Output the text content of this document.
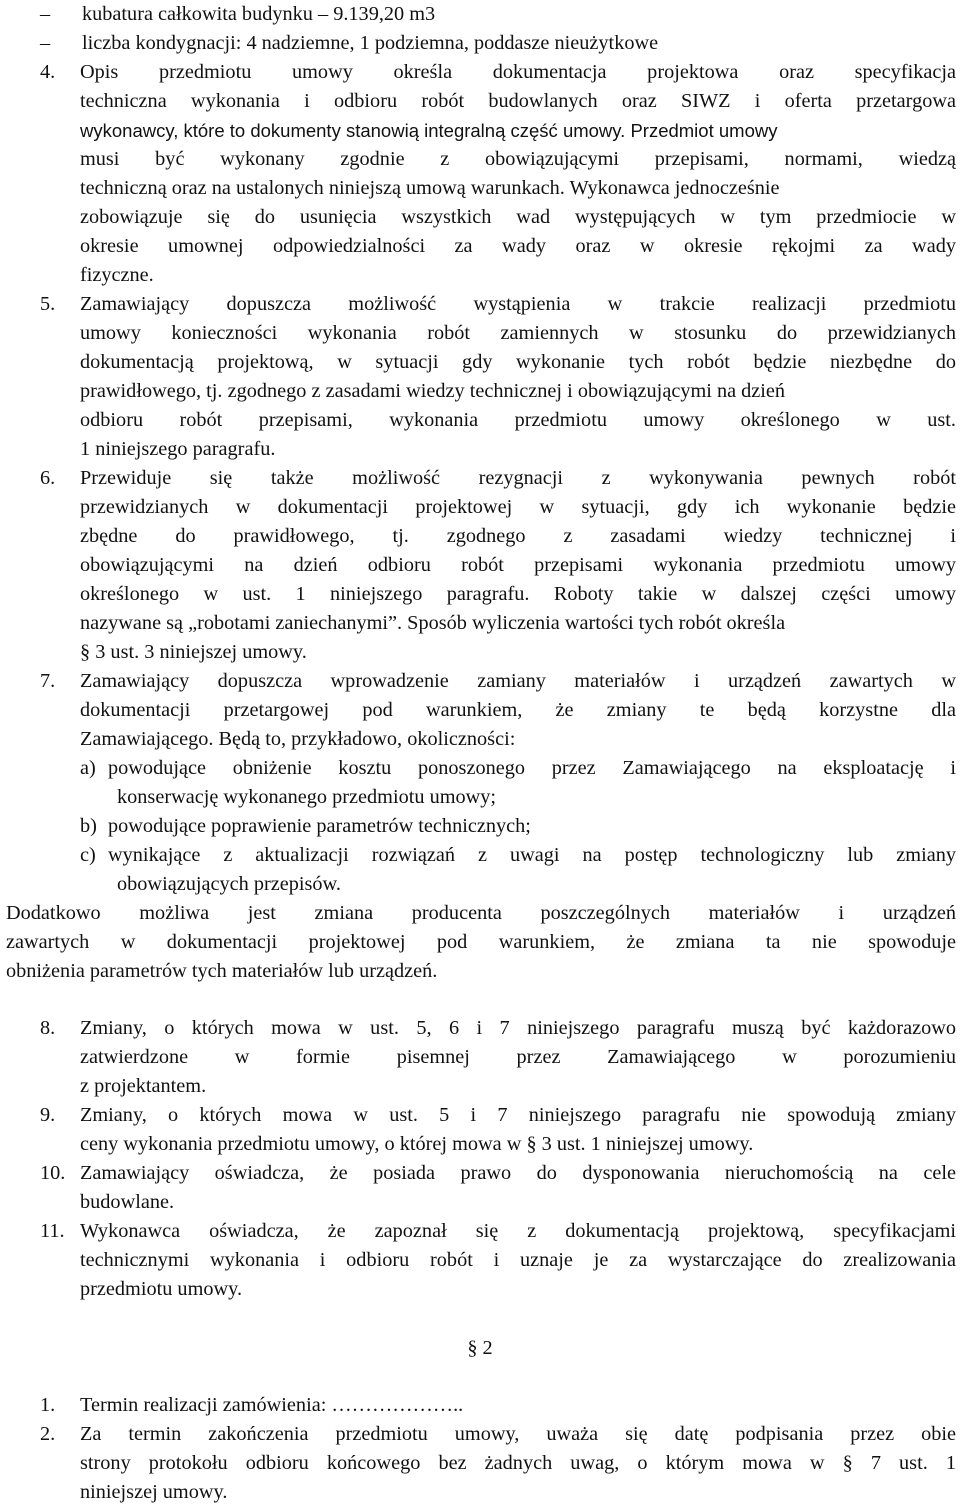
– kubatura całkowita budynku – 9.139,20 m3
– liczba kondygnacji: 4 nadziemne, 1 podziemna, poddasze nieużytkowe
4. Opis przedmiotu umowy określa dokumentacja projektowa oraz specyfikacja
techniczna wykonania i odbioru robót budowlanych oraz SIWZ i oferta przetargowa
wykonawcy, które to dokumenty stanowią integralną część umowy. Przedmiot umowy
musi być wykonany zgodnie z obowiązującymi przepisami, normami, wiedzą
techniczną oraz na ustalonych niniejszą umową warunkach. Wykonawca jednocześnie
zobowiązuje się do usunięcia wszystkich wad występujących w tym przedmiocie w
okresie umownej odpowiedzialności za wady oraz w okresie rękojmi za wady
fizyczne.
5. Zamawiający dopuszcza możliwość wystąpienia w trakcie realizacji przedmiotu
umowy konieczności wykonania robót zamiennych w stosunku do przewidzianych
dokumentacją projektową, w sytuacji gdy wykonanie tych robót będzie niezbędne do
prawidłowego, tj. zgodnego z zasadami wiedzy technicznej i obowiązującymi na dzień
odbioru robót przepisami, wykonania przedmiotu umowy określonego w ust.
1 niniejszego paragrafu.
6. Przewiduje się także możliwość rezygnacji z wykonywania pewnych robót
przewidzianych w dokumentacji projektowej w sytuacji, gdy ich wykonanie będzie
zbędne do prawidłowego, tj. zgodnego z zasadami wiedzy technicznej i
obowiązującymi na dzień odbioru robót przepisami wykonania przedmiotu umowy
określonego w ust. 1 niniejszego paragrafu. Roboty takie w dalszej części umowy
nazywane są „robotami zaniechanymi”. Sposób wyliczenia wartości tych robót określa
§ 3 ust. 3 niniejszej umowy.
7. Zamawiający dopuszcza wprowadzenie zamiany materiałów i urządzeń zawartych w
dokumentacji przetargowej pod warunkiem, że zmiany te będą korzystne dla
Zamawiającego. Będą to, przykładowo, okoliczności:
a) powodujące obniżenie kosztu ponoszonego przez Zamawiającego na eksploatację i
konserwację wykonanego przedmiotu umowy;
b) powodujące poprawienie parametrów technicznych;
c) wynikające z aktualizacji rozwiązań z uwagi na postęp technologiczny lub zmiany
obowiązujących przepisów.
Dodatkowo możliwa jest zmiana producenta poszczególnych materiałów i urządzeń
zawartych w dokumentacji projektowej pod warunkiem, że zmiana ta nie spowoduje
obniżenia parametrów tych materiałów lub urządzeń.
8. Zmiany, o których mowa w ust. 5, 6 i 7 niniejszego paragrafu muszą być każdorazowo
zatwierdzone w formie pisemnej przez Zamawiającego w porozumieniu
z projektantem.
9. Zmiany, o których mowa w ust. 5 i 7 niniejszego paragrafu nie spowodują zmiany
ceny wykonania przedmiotu umowy, o której mowa w § 3 ust. 1 niniejszej umowy.
10. Zamawiający oświadcza, że posiada prawo do dysponowania nieruchomością na cele
budowlane.
11. Wykonawca oświadcza, że zapoznał się z dokumentacją projektową, specyfikacjami
technicznymi wykonania i odbioru robót i uznaje je za wystarczające do zrealizowania
przedmiotu umowy.
§ 2
1. Termin realizacji zamówienia: ………………..
2. Za termin zakończenia przedmiotu umowy, uważa się datę podpisania przez obie
strony protokołu odbioru końcowego bez żadnych uwag, o którym mowa w § 7 ust. 1
niniejszej umowy.
